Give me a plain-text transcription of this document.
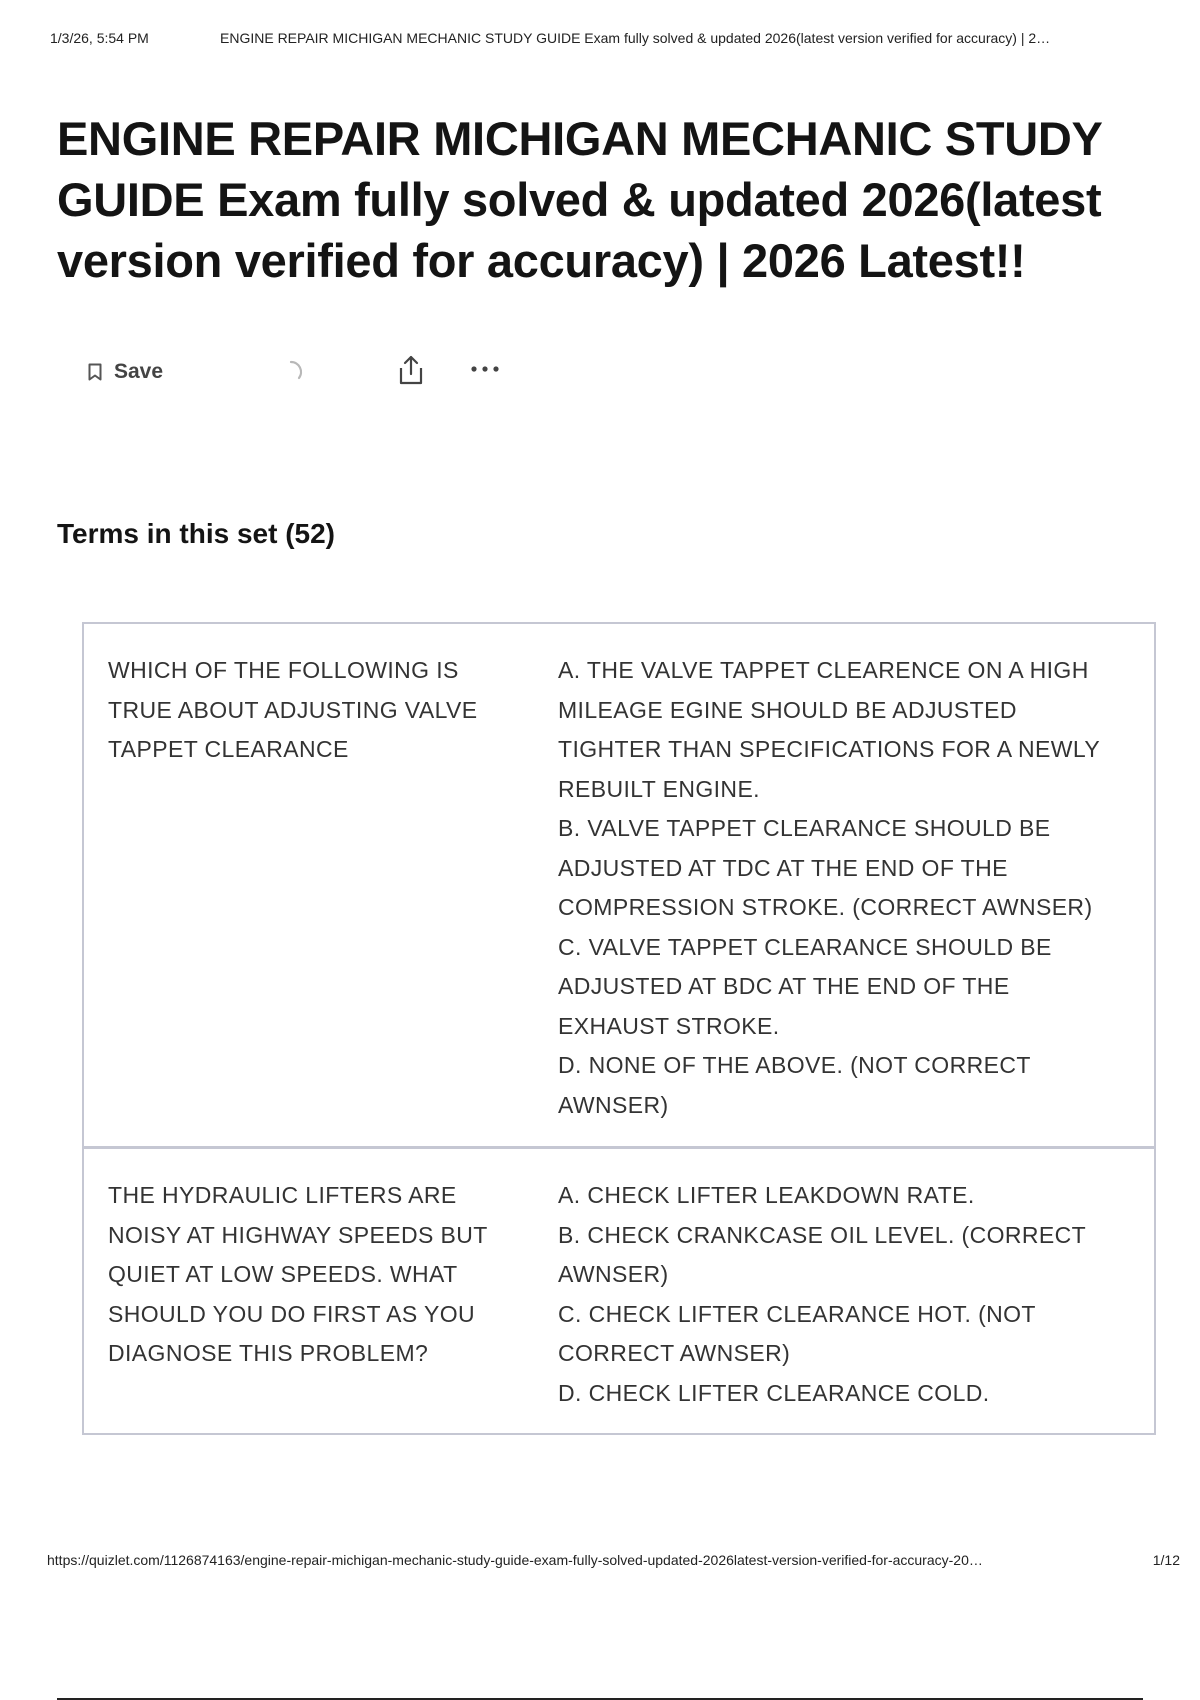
1/3/26, 5:54 PM	ENGINE REPAIR MICHIGAN MECHANIC STUDY GUIDE Exam fully solved & updated 2026(latest version verified for accuracy) | 2…
ENGINE REPAIR MICHIGAN MECHANIC STUDY GUIDE Exam fully solved & updated 2026(latest version verified for accuracy) | 2026 Latest!!
Save
Terms in this set (52)
WHICH OF THE FOLLOWING IS TRUE ABOUT ADJUSTING VALVE TAPPET CLEARANCE
A. THE VALVE TAPPET CLEARENCE ON A HIGH MILEAGE EGINE SHOULD BE ADJUSTED TIGHTER THAN SPECIFICATIONS FOR A NEWLY REBUILT ENGINE.
B. VALVE TAPPET CLEARANCE SHOULD BE ADJUSTED AT TDC AT THE END OF THE COMPRESSION STROKE. (CORRECT AWNSER)
C. VALVE TAPPET CLEARANCE SHOULD BE ADJUSTED AT BDC AT THE END OF THE EXHAUST STROKE.
D. NONE OF THE ABOVE. (NOT CORRECT AWNSER)
THE HYDRAULIC LIFTERS ARE NOISY AT HIGHWAY SPEEDS BUT QUIET AT LOW SPEEDS. WHAT SHOULD YOU DO FIRST AS YOU DIAGNOSE THIS PROBLEM?
A. CHECK LIFTER LEAKDOWN RATE.
B. CHECK CRANKCASE OIL LEVEL. (CORRECT AWNSER)
C. CHECK LIFTER CLEARANCE HOT. (NOT CORRECT AWNSER)
D. CHECK LIFTER CLEARANCE COLD.
https://quizlet.com/1126874163/engine-repair-michigan-mechanic-study-guide-exam-fully-solved-updated-2026latest-version-verified-for-accuracy-20…	1/12
